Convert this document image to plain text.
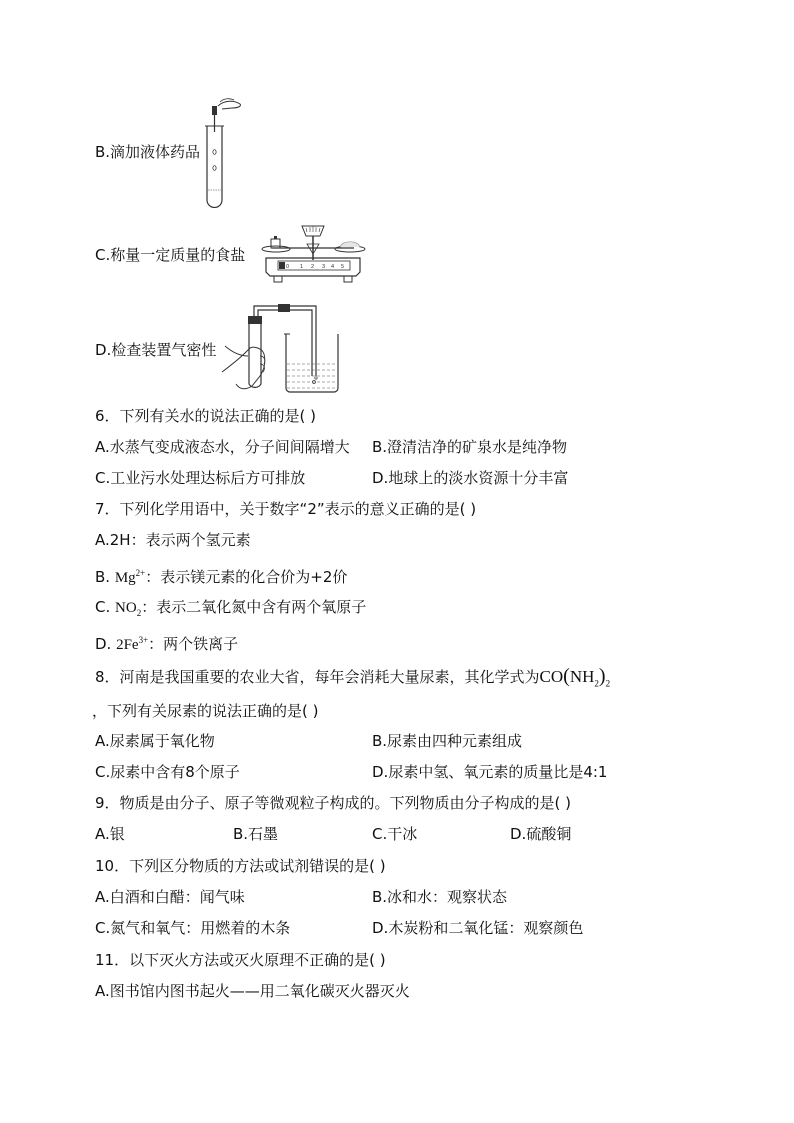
B.滴加液体药品
C.称量一定质量的食盐
0 1 2 3 4 5
D.检查装置气密性
6．下列有关水的说法正确的是( )
A.水蒸气变成液态水，分子间间隔增大 B.澄清洁净的矿泉水是纯净物
C.工业污水处理达标后方可排放	D.地球上的淡水资源十分丰富
7．下列化学用语中，关于数字“2”表示的意义正确的是( )
A.2H：表示两个氢元素
B. $Mg^{2+}$：表示镁元素的化合价为+2价
C. $NO_2$：表示二氧化氮中含有两个氧原子
D. $2Fe^{3+}$：两个铁离子
8．河南是我国重要的农业大省，每年会消耗大量尿素，其化学式为$CO(NH_2)_2$
，下列有关尿素的说法正确的是( )
A.尿素属于氧化物	B.尿素由四种元素组成
C.尿素中含有8个原子	D.尿素中氢、氧元素的质量比是4:1
9．物质是由分子、原子等微观粒子构成的。下列物质由分子构成的是( )
A.银	B.石墨	C.干冰	D.硫酸铜
10．下列区分物质的方法或试剂错误的是( )
A.白酒和白醋：闻气味	B.冰和水：观察状态
C.氮气和氧气：用燃着的木条	D.木炭粉和二氧化锰：观察颜色
11．以下灭火方法或灭火原理不正确的是( )
A.图书馆内图书起火——用二氧化碳灭火器灭火
